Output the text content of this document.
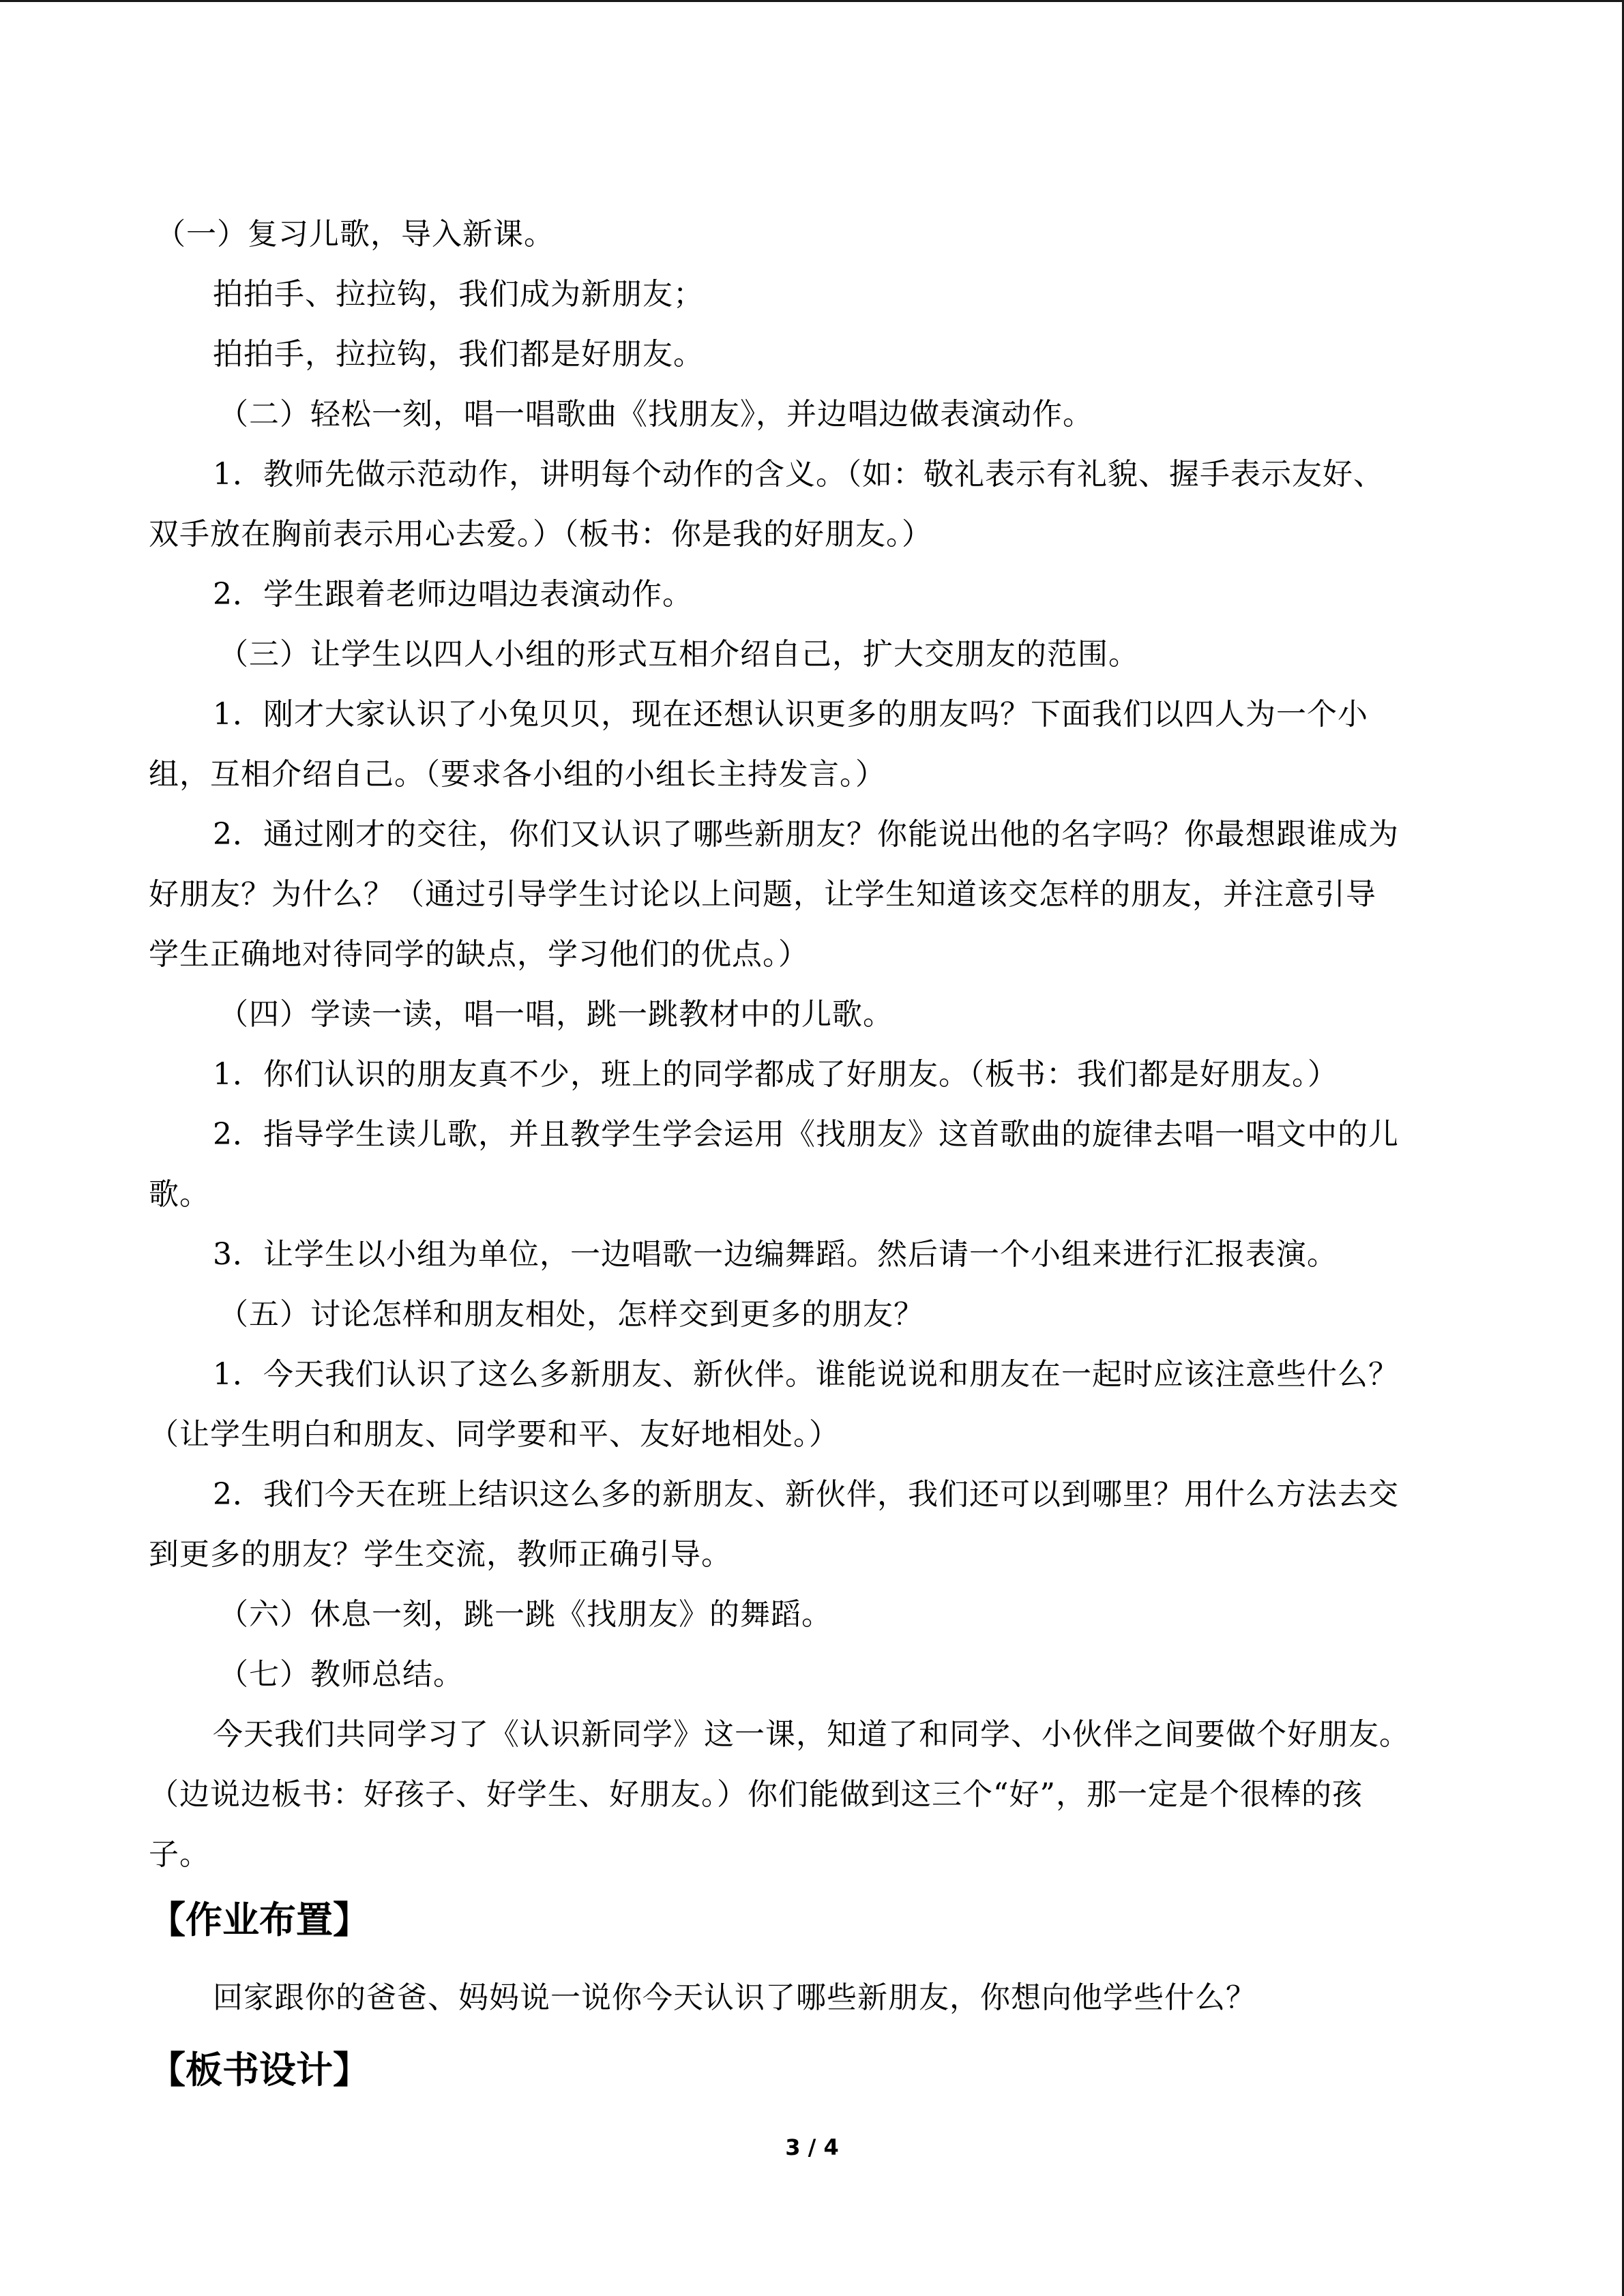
（一）复习儿歌，导入新课。
拍拍手、拉拉钩，我们成为新朋友；
拍拍手，拉拉钩，我们都是好朋友。
（二）轻松一刻，唱一唱歌曲《找朋友》，并边唱边做表演动作。
1．教师先做示范动作，讲明每个动作的含义。（如：敬礼表示有礼貌、握手表示友好、
双手放在胸前表示用心去爱。）（板书：你是我的好朋友。）
2．学生跟着老师边唱边表演动作。
（三）让学生以四人小组的形式互相介绍自己，扩大交朋友的范围。
1．刚才大家认识了小兔贝贝，现在还想认识更多的朋友吗？下面我们以四人为一个小
组，互相介绍自己。（要求各小组的小组长主持发言。）
2．通过刚才的交往，你们又认识了哪些新朋友？你能说出他的名字吗？你最想跟谁成为
好朋友？为什么？（通过引导学生讨论以上问题，让学生知道该交怎样的朋友，并注意引导
学生正确地对待同学的缺点，学习他们的优点。）
（四）学读一读，唱一唱，跳一跳教材中的儿歌。
1．你们认识的朋友真不少，班上的同学都成了好朋友。（板书：我们都是好朋友。）
2．指导学生读儿歌，并且教学生学会运用《找朋友》这首歌曲的旋律去唱一唱文中的儿
歌。
3．让学生以小组为单位，一边唱歌一边编舞蹈。然后请一个小组来进行汇报表演。
（五）讨论怎样和朋友相处，怎样交到更多的朋友？
1．今天我们认识了这么多新朋友、新伙伴。谁能说说和朋友在一起时应该注意些什么？
（让学生明白和朋友、同学要和平、友好地相处。）
2．我们今天在班上结识这么多的新朋友、新伙伴，我们还可以到哪里？用什么方法去交
到更多的朋友？学生交流，教师正确引导。
（六）休息一刻，跳一跳《找朋友》的舞蹈。
（七）教师总结。
今天我们共同学习了《认识新同学》这一课，知道了和同学、小伙伴之间要做个好朋友。
（边说边板书：好孩子、好学生、好朋友。）你们能做到这三个“好”，那一定是个很棒的孩
子。
【作业布置】
回家跟你的爸爸、妈妈说一说你今天认识了哪些新朋友，你想向他学些什么？
【板书设计】
3 / 4
